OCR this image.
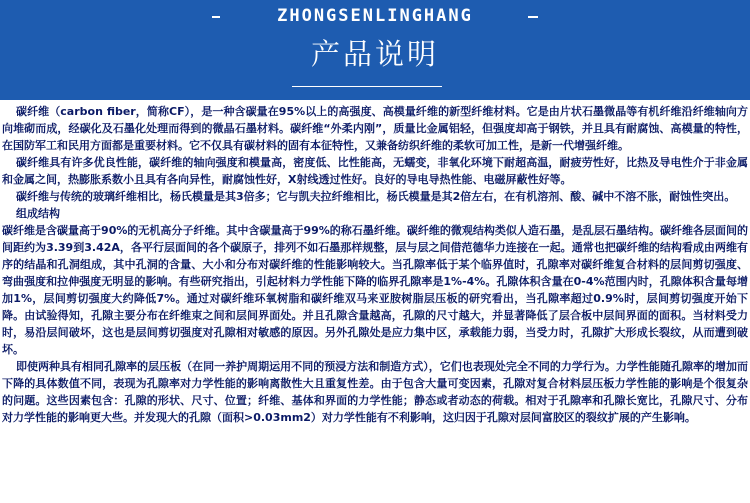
ZHONGSENLINGHANG
产品说明

碳纤维（carbon fiber，简称CF），是一种含碳量在95%以上的高强度、高模量纤维的新型纤维材料。它是由片状石墨微晶等有机纤维沿纤维轴向方向堆砌而成，经碳化及石墨化处理而得到的微晶石墨材料。碳纤维“外柔内刚”，质量比金属铝轻，但强度却高于钢铁，并且具有耐腐蚀、高模量的特性，在国防军工和民用方面都是重要材料。它不仅具有碳材料的固有本征特性，又兼备纺织纤维的柔软可加工性，是新一代增强纤维。

碳纤维具有许多优良性能，碳纤维的轴向强度和模量高，密度低、比性能高，无蠕变，非氧化环境下耐超高温，耐疲劳性好，比热及导电性介于非金属和金属之间，热膨胀系数小且具有各向异性，耐腐蚀性好，X射线透过性好。良好的导电导热性能、电磁屏蔽性好等。

碳纤维与传统的玻璃纤维相比，杨氏模量是其3倍多；它与凯夫拉纤维相比，杨氏模量是其2倍左右，在有机溶剂、酸、碱中不溶不胀，耐蚀性突出。

组成结构

碳纤维是含碳量高于90%的无机高分子纤维。其中含碳量高于99%的称石墨纤维。碳纤维的微观结构类似人造石墨，是乱层石墨结构。碳纤维各层面间的间距约为3.39到3.42A，各平行层面间的各个碳原子，排列不如石墨那样规整，层与层之间借范德华力连接在一起。通常也把碳纤维的结构看成由两维有序的结晶和孔洞组成，其中孔洞的含量、大小和分布对碳纤维的性能影响较大。当孔隙率低于某个临界值时，孔隙率对碳纤维复合材料的层间剪切强度、弯曲强度和拉伸强度无明显的影响。有些研究指出，引起材料力学性能下降的临界孔隙率是1%-4%。孔隙体积含量在0-4%范围内时，孔隙体积含量每增加1%，层间剪切强度大约降低7%。通过对碳纤维环氧树脂和碳纤维双马来亚胺树脂层压板的研究看出，当孔隙率超过0.9%时，层间剪切强度开始下降。由试验得知，孔隙主要分布在纤维束之间和层间界面处。并且孔隙含量越高，孔隙的尺寸越大，并显著降低了层合板中层间界面的面积。当材料受力时，易沿层间破坏，这也是层间剪切强度对孔隙相对敏感的原因。另外孔隙处是应力集中区，承载能力弱，当受力时，孔隙扩大形成长裂纹，从而遭到破坏。

即使两种具有相同孔隙率的层压板（在同一养护周期运用不同的预浸方法和制造方式），它们也表现处完全不同的力学行为。力学性能随孔隙率的增加而下降的具体数值不同，表现为孔隙率对力学性能的影响离散性大且重复性差。由于包含大量可变因素，孔隙对复合材料层压板力学性能的影响是个很复杂的问题。这些因素包含：孔隙的形状、尺寸、位置；纤维、基体和界面的力学性能；静态或者动态的荷载。相对于孔隙率和孔隙长宽比，孔隙尺寸、分布对力学性能的影响更大些。并发现大的孔隙（面积>0.03mm2）对力学性能有不利影响，这归因于孔隙对层间富胶区的裂纹扩展的产生影响。
